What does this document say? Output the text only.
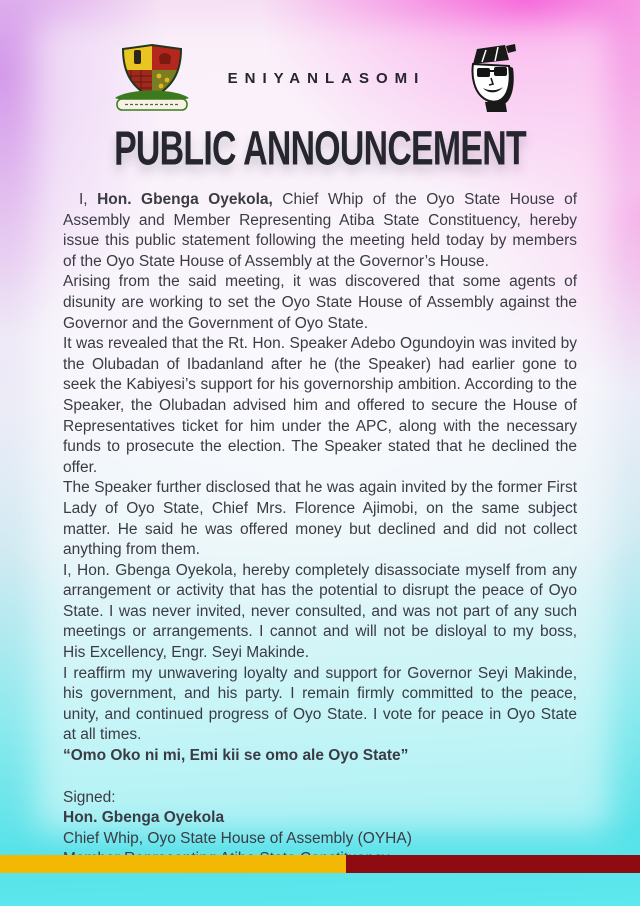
ENIYANLASOMI
PUBLIC ANNOUNCEMENT

I, Hon. Gbenga Oyekola, Chief Whip of the Oyo State House of Assembly and Member Representing Atiba State Constituency, hereby issue this public statement following the meeting held today by members of the Oyo State House of Assembly at the Governor’s House.

Arising from the said meeting, it was discovered that some agents of disunity are working to set the Oyo State House of Assembly against the Governor and the Government of Oyo State.

It was revealed that the Rt. Hon. Speaker Adebo Ogundoyin was invited by the Olubadan of Ibadanland after he (the Speaker) had earlier gone to seek the Kabiyesi’s support for his governorship ambition. According to the Speaker, the Olubadan advised him and offered to secure the House of Representatives ticket for him under the APC, along with the necessary funds to prosecute the election. The Speaker stated that he declined the offer.

The Speaker further disclosed that he was again invited by the former First Lady of Oyo State, Chief Mrs. Florence Ajimobi, on the same subject matter. He said he was offered money but declined and did not collect anything from them.

I, Hon. Gbenga Oyekola, hereby completely disassociate myself from any arrangement or activity that has the potential to disrupt the peace of Oyo State. I was never invited, never consulted, and was not part of any such meetings or arrangements. I cannot and will not be disloyal to my boss, His Excellency, Engr. Seyi Makinde.

I reaffirm my unwavering loyalty and support for Governor Seyi Makinde, his government, and his party. I remain firmly committed to the peace, unity, and continued progress of Oyo State. I vote for peace in Oyo State at all times.

“Omo Oko ni mi, Emi kii se omo ale Oyo State”

Signed:

Hon. Gbenga Oyekola

Chief Whip, Oyo State House of Assembly (OYHA)
